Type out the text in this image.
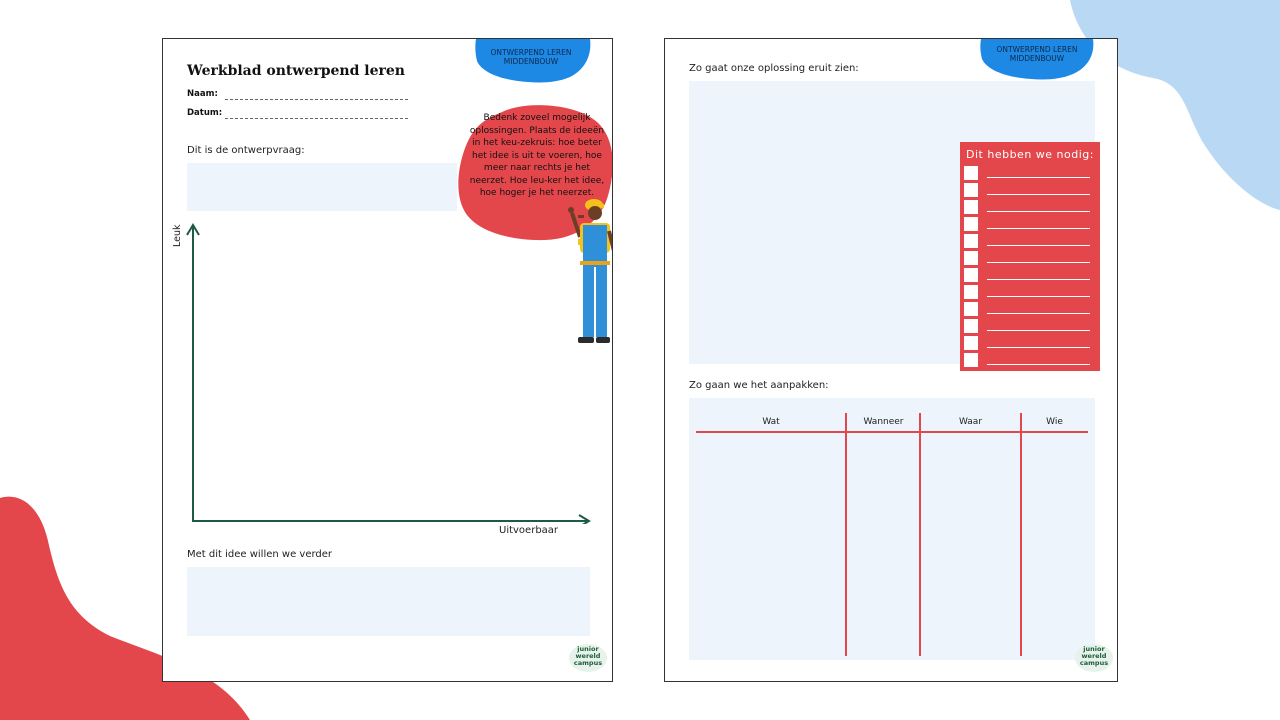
ONTWERPEND LEREN
MIDDENBOUW
Werkblad ontwerpend leren
Naam:
Datum:
Dit is de ontwerpvraag:
Bedenk zoveel mogelijk oplossingen. Plaats de ideeën in het keu-zekruis: hoe beter het idee is uit te voeren, hoe meer naar rechts je het neerzet. Hoe leu-ker het idee, hoe hoger je het neerzet.
Leuk
Uitvoerbaar
Met dit idee willen we verder
junior
wereld
campus
ONTWERPEND LEREN
MIDDENBOUW
Zo gaat onze oplossing eruit zien:
Dit hebben we nodig:
Zo gaan we het aanpakken:
Wat	Wanneer	Waar	Wie
junior
wereld
campus
